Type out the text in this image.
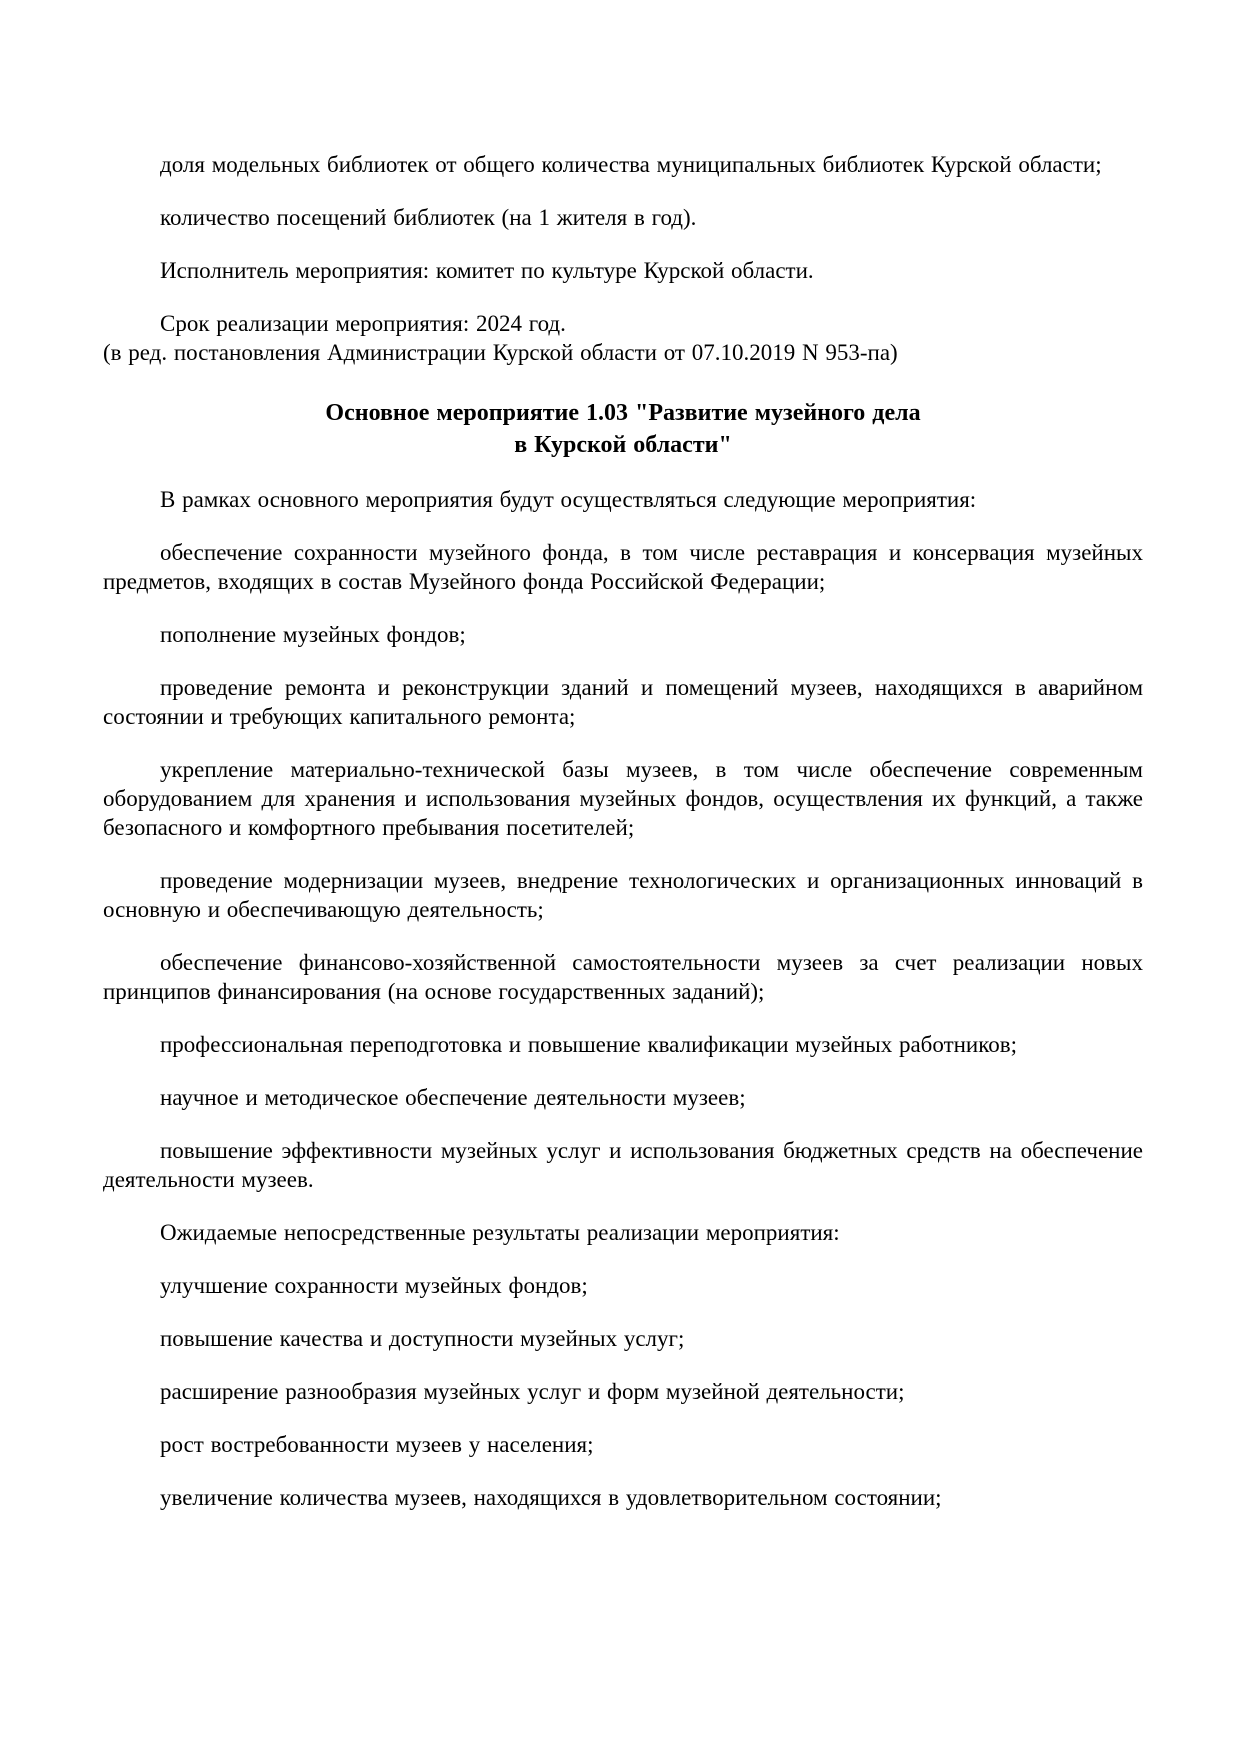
доля модельных библиотек от общего количества муниципальных библиотек Курской области;

количество посещений библиотек (на 1 жителя в год).

Исполнитель мероприятия: комитет по культуре Курской области.

Срок реализации мероприятия: 2024 год.

(в ред. постановления Администрации Курской области от 07.10.2019 N 953-па)

Основное мероприятие 1.03 "Развитие музейного дела
в Курской области"

В рамках основного мероприятия будут осуществляться следующие мероприятия:

обеспечение сохранности музейного фонда, в том числе реставрация и консервация музейных предметов, входящих в состав Музейного фонда Российской Федерации;

пополнение музейных фондов;

проведение ремонта и реконструкции зданий и помещений музеев, находящихся в аварийном состоянии и требующих капитального ремонта;

укрепление материально-технической базы музеев, в том числе обеспечение современным оборудованием для хранения и использования музейных фондов, осуществления их функций, а также безопасного и комфортного пребывания посетителей;

проведение модернизации музеев, внедрение технологических и организационных инноваций в основную и обеспечивающую деятельность;

обеспечение финансово-хозяйственной самостоятельности музеев за счет реализации новых принципов финансирования (на основе государственных заданий);

профессиональная переподготовка и повышение квалификации музейных работников;

научное и методическое обеспечение деятельности музеев;

повышение эффективности музейных услуг и использования бюджетных средств на обеспечение деятельности музеев.

Ожидаемые непосредственные результаты реализации мероприятия:

улучшение сохранности музейных фондов;

повышение качества и доступности музейных услуг;

расширение разнообразия музейных услуг и форм музейной деятельности;

рост востребованности музеев у населения;

увеличение количества музеев, находящихся в удовлетворительном состоянии;
